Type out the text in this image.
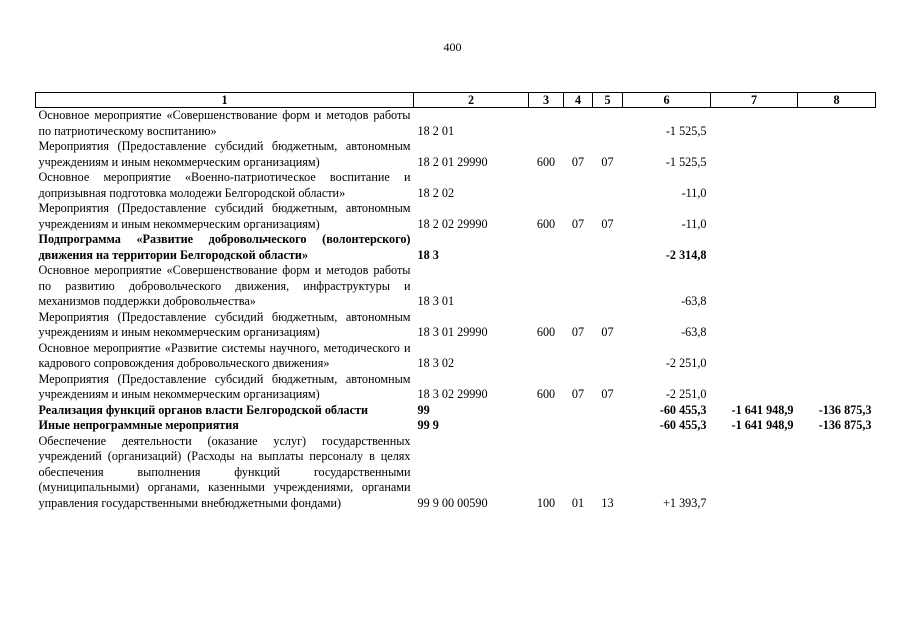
400
1	2	3	4	5	6	7	8
Основное мероприятие «Совершенствование форм и методов работы по патриотическому воспитанию»	18 2 01				-1 525,5		
Мероприятия (Предоставление субсидий бюджетным, автономным учреждениям и иным некоммерческим организациям)	18 2 01 29990	600	07	07	-1 525,5		
Основное мероприятие «Военно-патриотическое воспитание и допризывная подготовка молодежи Белгородской области»	18 2 02				-11,0		
Мероприятия (Предоставление субсидий бюджетным, автономным учреждениям и иным некоммерческим организациям)	18 2 02 29990	600	07	07	-11,0		
Подпрограмма «Развитие добровольческого (волонтерского) движения на территории Белгородской области»	18 3				-2 314,8		
Основное мероприятие «Совершенствование форм и методов работы по развитию добровольческого движения, инфраструктуры и механизмов поддержки добровольчества»	18 3 01				-63,8		
Мероприятия (Предоставление субсидий бюджетным, автономным учреждениям и иным некоммерческим организациям)	18 3 01 29990	600	07	07	-63,8		
Основное мероприятие «Развитие системы научного, методического и кадрового сопровождения добровольческого движения»	18 3 02				-2 251,0		
Мероприятия (Предоставление субсидий бюджетным, автономным учреждениям и иным некоммерческим организациям)	18 3 02 29990	600	07	07	-2 251,0		
Реализация функций органов власти Белгородской области	99				-60 455,3	-1 641 948,9	-136 875,3
Иные непрограммные мероприятия	99 9				-60 455,3	-1 641 948,9	-136 875,3
Обеспечение деятельности (оказание услуг) государственных учреждений (организаций) (Расходы на выплаты персоналу в целях обеспечения выполнения функций государственными (муниципальными) органами, казенными учреждениями, органами управления государственными внебюджетными фондами)	99 9 00 00590	100	01	13	+1 393,7		
